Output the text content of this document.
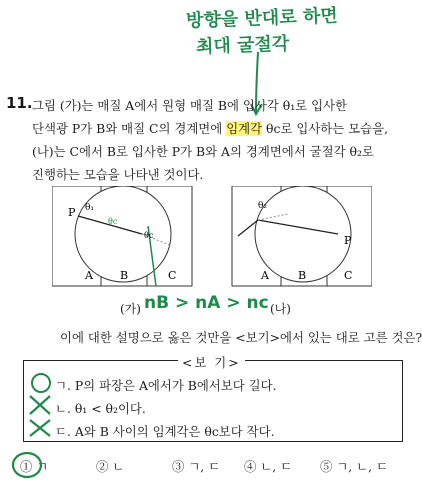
방향을 반대로 하면
최대 굴절각
11. 그림 (가)는 매질 A에서 원형 매질 B에 입사각 θ₁로 입사한
단색광 P가 B와 매질 C의 경계면에 임계각 θc로 입사하는 모습을,
(나)는 C에서 B로 입사한 P가 B와 A의 경계면에서 굴절각 θ₂로
진행하는 모습을 나타낸 것이다.
P θ₁
θc
θc
A B	C
θ₂
P
A	B	C
(가) nB > nA > nc (나)
이에 대한 설명으로 옳은 것만을 <보기>에서 있는 대로 고른 것은?
<보 기>
ㄱ. P의 파장은 A에서가 B에서보다 길다.
ㄴ. θ₁ < θ₂이다.
ㄷ. A와 B 사이의 임계각은 θc보다 작다.
① ㄱ	② ㄴ	③ ㄱ, ㄷ ④ ㄴ, ㄷ ⑤ ㄱ, ㄴ, ㄷ
